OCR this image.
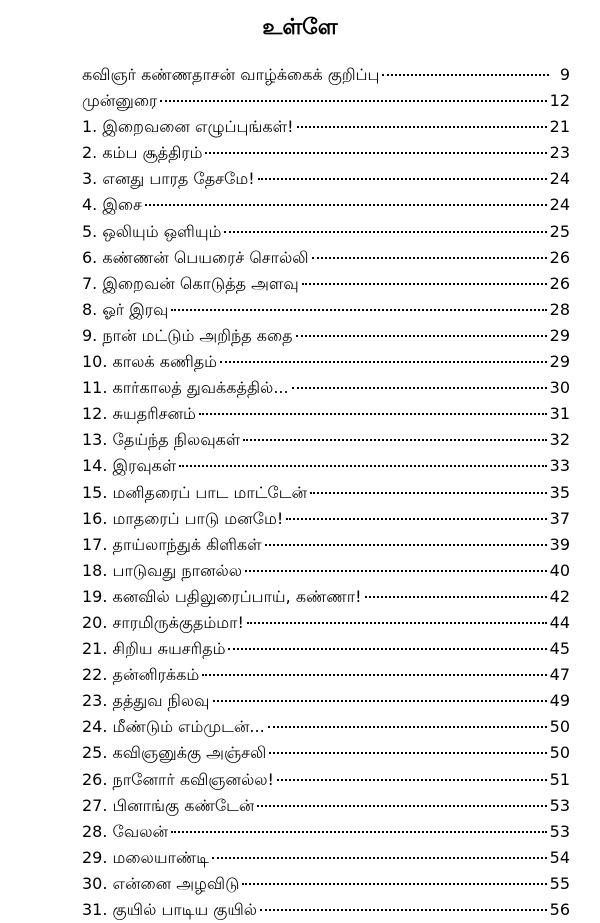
உள்ளே
கவிஞர் கண்ணதாசன் வாழ்க்கைக் குறிப்பு	9
முன்னுரை	12
1. இறைவனை எழுப்புங்கள்!	21
2. கம்ப சூத்திரம்	23
3. எனது பாரத தேசமே!	24
4. இசை	24
5. ஒலியும் ஒளியும்	25
6. கண்ணன் பெயரைச் சொல்லி	26
7. இறைவன் கொடுத்த அளவு	26
8. ஓர் இரவு	28
9. நான் மட்டும் அறிந்த கதை	29
10. காலக் கணிதம்	29
11. கார்காலத் துவக்கத்தில்...	30
12. சுயதரிசனம்	31
13. தேய்ந்த நிலவுகள்	32
14. இரவுகள்	33
15. மனிதரைப் பாட மாட்டேன்	35
16. மாதரைப் பாடு மனமே!	37
17. தாய்லாந்துக் கிளிகள்	39
18. பாடுவது நானல்ல	40
19. கனவில் பதிலுரைப்பாய், கண்ணா!	42
20. சாரமிருக்குதம்மா!	44
21. சிறிய சுயசரிதம்	45
22. தன்னிரக்கம்	47
23. தத்துவ நிலவு	49
24. மீண்டும் எம்முடன்...	50
25. கவிஞனுக்கு அஞ்சலி	50
26. நானோர் கவிஞனல்ல!	51
27. பினாங்கு கண்டேன்	53
28. வேலன்	53
29. மலையாண்டி	54
30. என்னை அழவிடு	55
31. குயில் பாடிய குயில்	56
